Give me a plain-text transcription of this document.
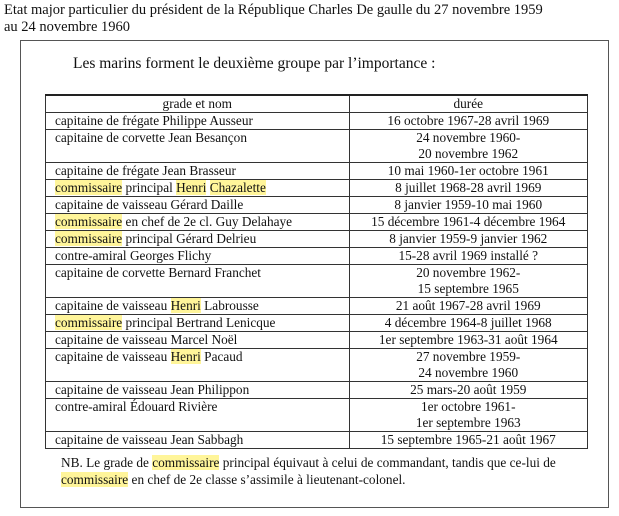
Etat major particulier du président de la République Charles De gaulle du 27 novembre 1959
au 24 novembre 1960
Les marins forment le deuxième groupe par l’importance :
grade et nom	durée
capitaine de frégate Philippe Ausseur	16 octobre 1967-28 avril 1969

capitaine de corvette Jean Besançon	24 novembre 1960-
20 novembre 1962

capitaine de frégate Jean Brasseur	10 mai 1960-1er octobre 1961

commissaire principal Henri Chazalette	8 juillet 1968-28 avril 1969

capitaine de vaisseau Gérard Daille	8 janvier 1959-10 mai 1960

commissaire en chef de 2e cl. Guy Delahaye	15 décembre 1961-4 décembre 1964

commissaire principal Gérard Delrieu	8 janvier 1959-9 janvier 1962

contre-amiral Georges Flichy	15-28 avril 1969 installé ?

capitaine de corvette Bernard Franchet	20 novembre 1962-
15 septembre 1965

capitaine de vaisseau Henri Labrousse	21 août 1967-28 avril 1969

commissaire principal Bertrand Lenicque	4 décembre 1964-8 juillet 1968

capitaine de vaisseau Marcel Noël	1er septembre 1963-31 août 1964

capitaine de vaisseau Henri Pacaud	27 novembre 1959-
24 novembre 1960

capitaine de vaisseau Jean Philippon	25 mars-20 août 1959

contre-amiral Édouard Rivière	1er octobre 1961-
1er septembre 1963

capitaine de vaisseau Jean Sabbagh	15 septembre 1965-21 août 1967
NB. Le grade de commissaire principal équivaut à celui de commandant, tandis que ce-lui de commissaire en chef de 2e classe s’assimile à lieutenant-colonel.
